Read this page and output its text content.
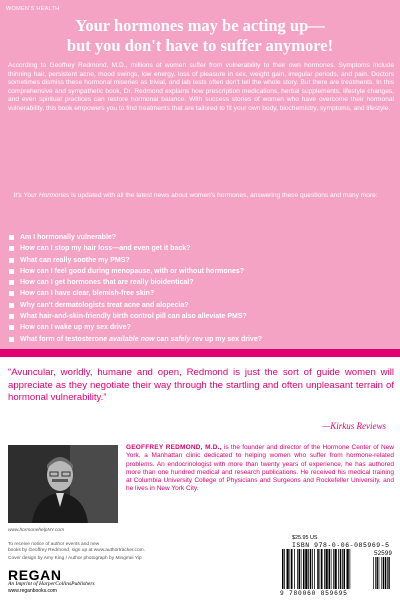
WOMEN'S HEALTH
Your hormones may be acting up—
but you don't have to suffer anymore!

According to Geoffrey Redmond, M.D., millions of women suffer from vulnerability to their own hormones. Symptoms include thinning hair, persistent acne, mood swings, low energy, loss of pleasure in sex, weight gain, irregular periods, and pain. Doctors sometimes dismiss these hormonal miseries as trivial, and lab tests often don't tell the whole story. But there are treatments. In this comprehensive and sympathetic book, Dr. Redmond explains how prescription medications, herbal supplements, lifestyle changes, and even spiritual practices can restore hormonal balance. With success stories of women who have overcome their hormonal vulnerability, this book empowers you to find treatments that are tailored to fit your own body, biochemistry, symptoms, and lifestyle.

It's Your Hormones is updated with all the latest news about women's hormones, answering these questions and many more:

Am I hormonally vulnerable?
How can I stop my hair loss—and even get it back?
What can really soothe my PMS?
How can I feel good during menopause, with or without hormones?
How can I get hormones that are really bioidentical?
How can I have clear, blemish-free skin?
Why can't dermatologists treat acne and alopecia?
What hair-and-skin-friendly birth control pill can also alleviate PMS?
How can I wake up my sex drive?
What form of testosterone available now can safely rev up my sex drive?

“Avuncular, worldly, humane and open, Redmond is just the sort of guide women will appreciate as they negotiate their way through the startling and often unpleasant terrain of hormonal vulnerability.”

—Kirkus Reviews

GEOFFREY REDMOND, M.D., is the founder and director of the Hormone Center of New York, a Manhattan clinic dedicated to helping women who suffer from hormone-related problems. An endocrinologist with more than twenty years of experience, he has authored more than one hundred medical and research publications. He received his medical training at Columbia University College of Physicians and Surgeons and Rockefeller University, and he lives in New York City.

www.hormonehelpNY.com
To receive notice of author events and new
books by Geoffrey Redmond, sign up at www.authortracker.com.
Cover design by Amy King / Author photograph by Mingmei Yip
REGAN
An Imprint of HarperCollinsPublishers
www.reganbooks.com
$25.95 US
ISBN 978-0-06-085969-5
9 780060 859695
52599
